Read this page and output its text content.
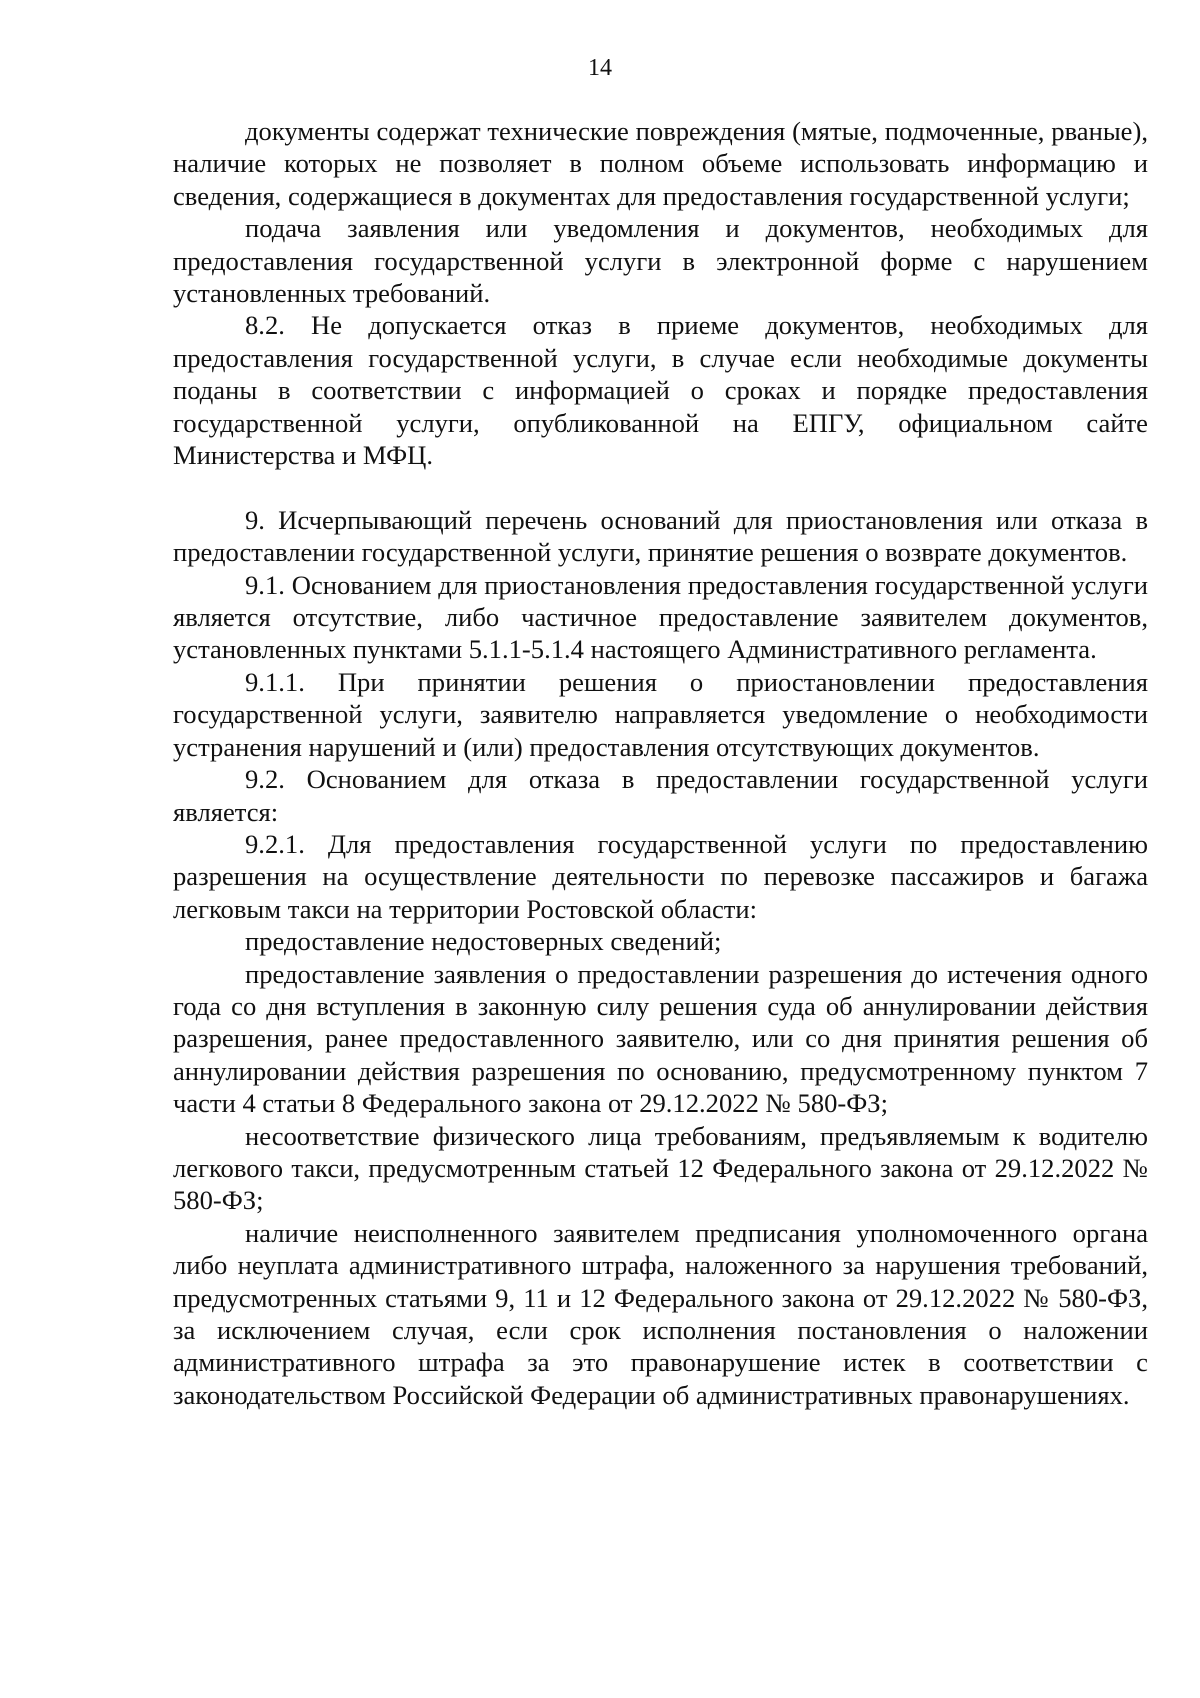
14

документы содержат технические повреждения (мятые, подмоченные, рваные), наличие которых не позволяет в полном объеме использовать информацию и сведения, содержащиеся в документах для предоставления государственной услуги;

подача заявления или уведомления и документов, необходимых для предоставления государственной услуги в электронной форме с нарушением установленных требований.

8.2. Не допускается отказ в приеме документов, необходимых для предоставления государственной услуги, в случае если необходимые документы поданы в соответствии с информацией о сроках и порядке предоставления государственной услуги, опубликованной на ЕПГУ, официальном сайте Министерства и МФЦ.

9. Исчерпывающий перечень оснований для приостановления или отказа в предоставлении государственной услуги, принятие решения о возврате документов.

9.1. Основанием для приостановления предоставления государственной услуги является отсутствие, либо частичное предоставление заявителем документов, установленных пунктами 5.1.1-5.1.4 настоящего Административного регламента.

9.1.1. При принятии решения о приостановлении предоставления государственной услуги, заявителю направляется уведомление о необходимости устранения нарушений и (или) предоставления отсутствующих документов.

9.2. Основанием для отказа в предоставлении государственной услуги является:

9.2.1. Для предоставления государственной услуги по предоставлению разрешения на осуществление деятельности по перевозке пассажиров и багажа легковым такси на территории Ростовской области:

предоставление недостоверных сведений;

предоставление заявления о предоставлении разрешения до истечения одного года со дня вступления в законную силу решения суда об аннулировании действия разрешения, ранее предоставленного заявителю, или со дня принятия решения об аннулировании действия разрешения по основанию, предусмотренному пунктом 7 части 4 статьи 8 Федерального закона от 29.12.2022 № 580-ФЗ;

несоответствие физического лица требованиям, предъявляемым к водителю легкового такси, предусмотренным статьей 12 Федерального закона от 29.12.2022 № 580-ФЗ;

наличие неисполненного заявителем предписания уполномоченного органа либо неуплата административного штрафа, наложенного за нарушения требований, предусмотренных статьями 9, 11 и 12 Федерального закона от 29.12.2022 № 580-ФЗ, за исключением случая, если срок исполнения постановления о наложении административного штрафа за это правонарушение истек в соответствии с законодательством Российской Федерации об административных правонарушениях.
